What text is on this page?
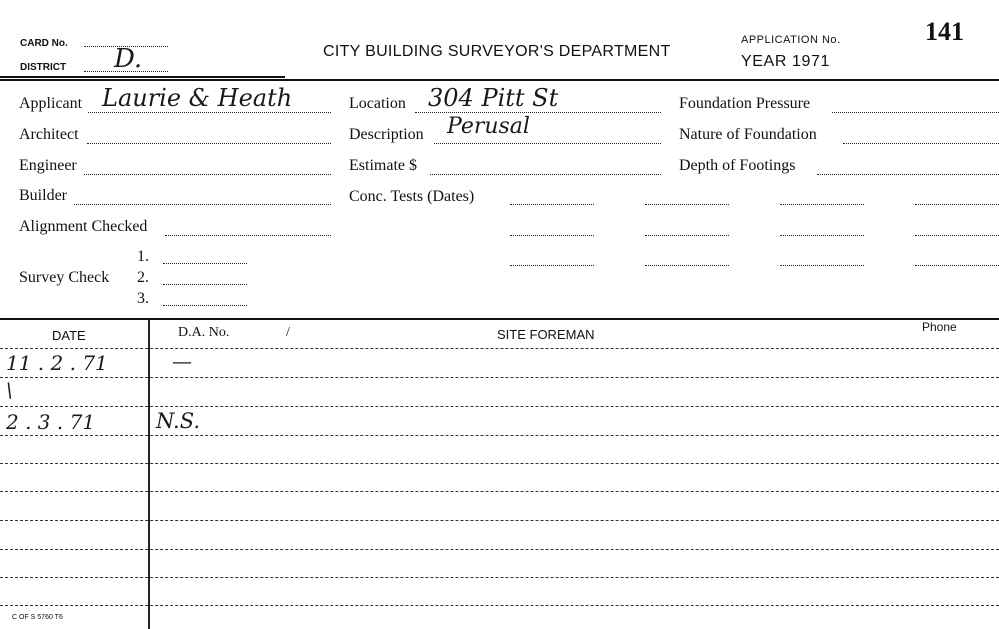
CARD No.
DISTRICT D.	CITY BUILDING SURVEYOR'S DEPARTMENT
APPLICATION No.
YEAR 1971
141
Applicant Laurie & Heath
Architect
Engineer
Builder
Alignment Checked
Survey Check
1.
2.
3.
Location 304 Pitt St
Description Perusal
Estimate $
Conc. Tests (Dates)
Foundation Pressure
Nature of Foundation
Depth of Footings
DATE	D.A. No.	/	SITE FOREMAN	Phone
11 . 2 . 71	—
\
2 . 3 . 71	N.S.
C OF S 5760 T6
